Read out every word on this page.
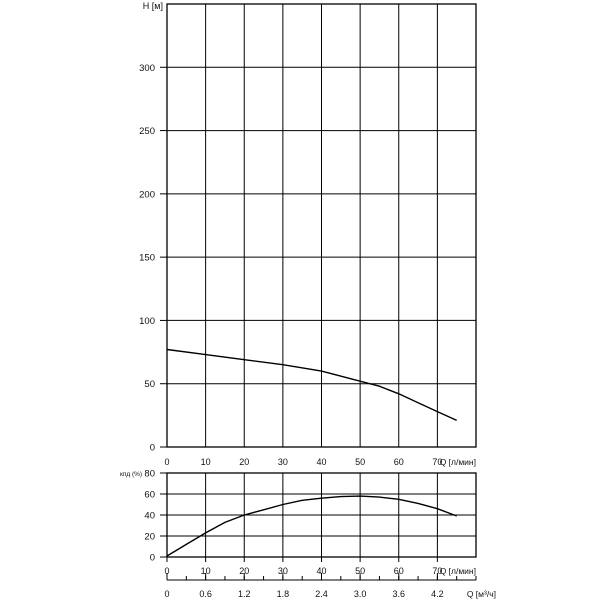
0	10	20	30	40	50	60	70
0
50
100
150
200
250
300
H [м]
Q [л/мин]
0	10	20	30	40	50	60	70
0
20
40
60
80
кпд (%)
Q [л/мин]
0	0.6	1.2	1.8	2.4	3.0	3.6	4.2	Q [м³/ч]
